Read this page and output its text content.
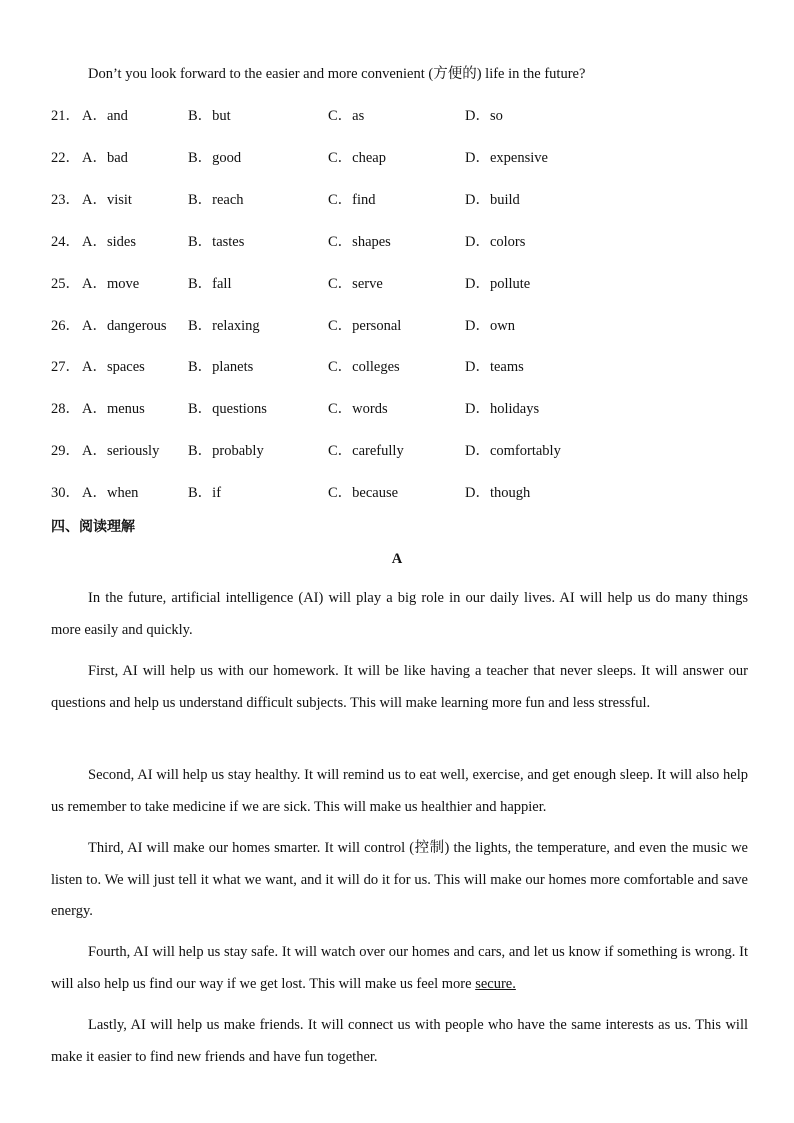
Don’t you look forward to the easier and more convenient (方便的) life in the future?
21． A．and	B．but	C．as	D．so
22． A．bad	B．good	C．cheap	D．expensive
23． A．visit	B．reach	C．find	D．build
24． A．sides	B．tastes	C．shapes	D．colors
25． A．move	B．fall	C．serve	D．pollute
26． A．dangerous B．relaxing	C．personal	D．own
27． A．spaces	B．planets	C．colleges	D．teams
28． A．menus	B．questions	C．words	D．holidays
29． A．seriously B．probably	C．carefully	D．comfortably
30． A．when	B．if	C．because	D．though
四、阅读理解
A
In the future, artificial intelligence (AI) will play a big role in our daily lives. AI will help us do many things more easily and quickly.
First, AI will help us with our homework. It will be like having a teacher that never sleeps. It will answer our questions and help us understand difficult subjects. This will make learning more fun and less stressful.
Second, AI will help us stay healthy. It will remind us to eat well, exercise, and get enough sleep. It will also help us remember to take medicine if we are sick. This will make us healthier and happier.
Third, AI will make our homes smarter. It will control (控制) the lights, the temperature, and even the music we listen to. We will just tell it what we want, and it will do it for us. This will make our homes more comfortable and save energy.
Fourth, AI will help us stay safe. It will watch over our homes and cars, and let us know if something is wrong. It will also help us find our way if we get lost. This will make us feel more secure.
Lastly, AI will help us make friends. It will connect us with people who have the same interests as us. This will make it easier to find new friends and have fun together.
